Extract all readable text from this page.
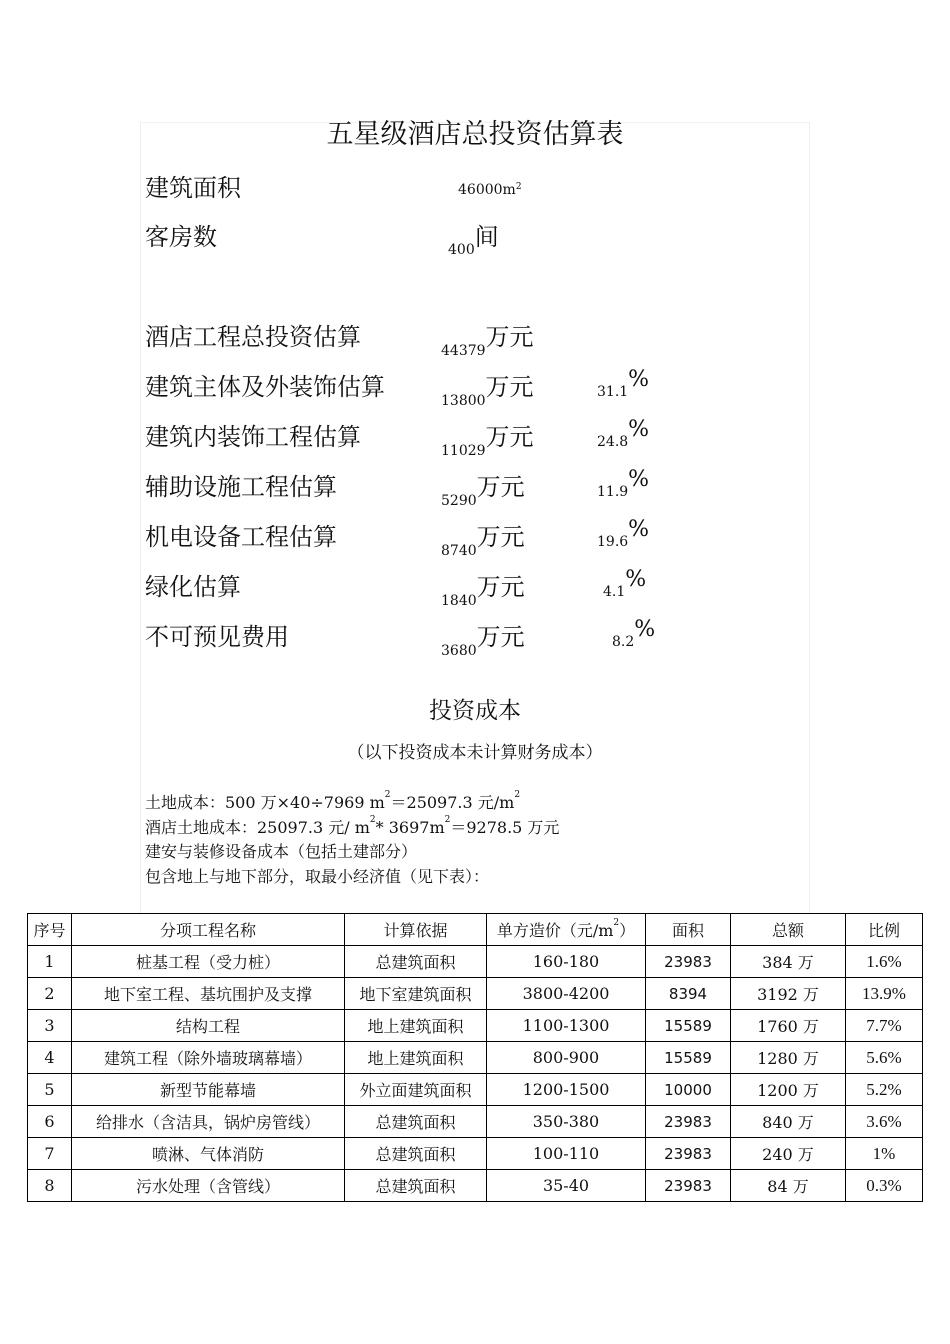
五星级酒店总投资估算表
建筑面积	$46000m^2$
客房数	400间
酒店工程总投资估算	44379万元
建筑主体及外装饰估算	13800万元	31.1%
建筑内装饰工程估算	11029万元	24.8%
辅助设施工程估算	5290万元	11.9%
机电设备工程估算	8740万元	19.6%
绿化估算	1840万元	4.1%
不可预见费用	3680万元	8.2%
投资成本
（以下投资成本未计算财务成本）
土地成本：500 万×40÷7969 $m^2=25097.3$ 元$/m^2$
酒店土地成本：25097.3 元/ $m^2*$ $3697m^2=9278.5$ 万元
建安与装修设备成本（包括土建部分）
包含地上与地下部分，取最小经济值（见下表）：
序号	分项工程名称	计算依据	单方造价（元$/m^2$）	面积	总额	比例
1	桩基工程（受力桩）	总建筑面积	160-180	23983	384 万	1.6%
2	地下室工程、基坑围护及支撑	地下室建筑面积	3800-4200	8394	3192 万	13.9%
3	结构工程	地上建筑面积	1100-1300	15589	1760 万	7.7%
4	建筑工程（除外墙玻璃幕墙）	地上建筑面积	800-900	15589	1280 万	5.6%
5	新型节能幕墙	外立面建筑面积	1200-1500	10000	1200 万	5.2%
6	给排水（含洁具，锅炉房管线）	总建筑面积	350-380	23983	840 万	3.6%
7	喷淋、气体消防	总建筑面积	100-110	23983	240 万	1%
8	污水处理（含管线）	总建筑面积	35-40	23983	84 万	0.3%
